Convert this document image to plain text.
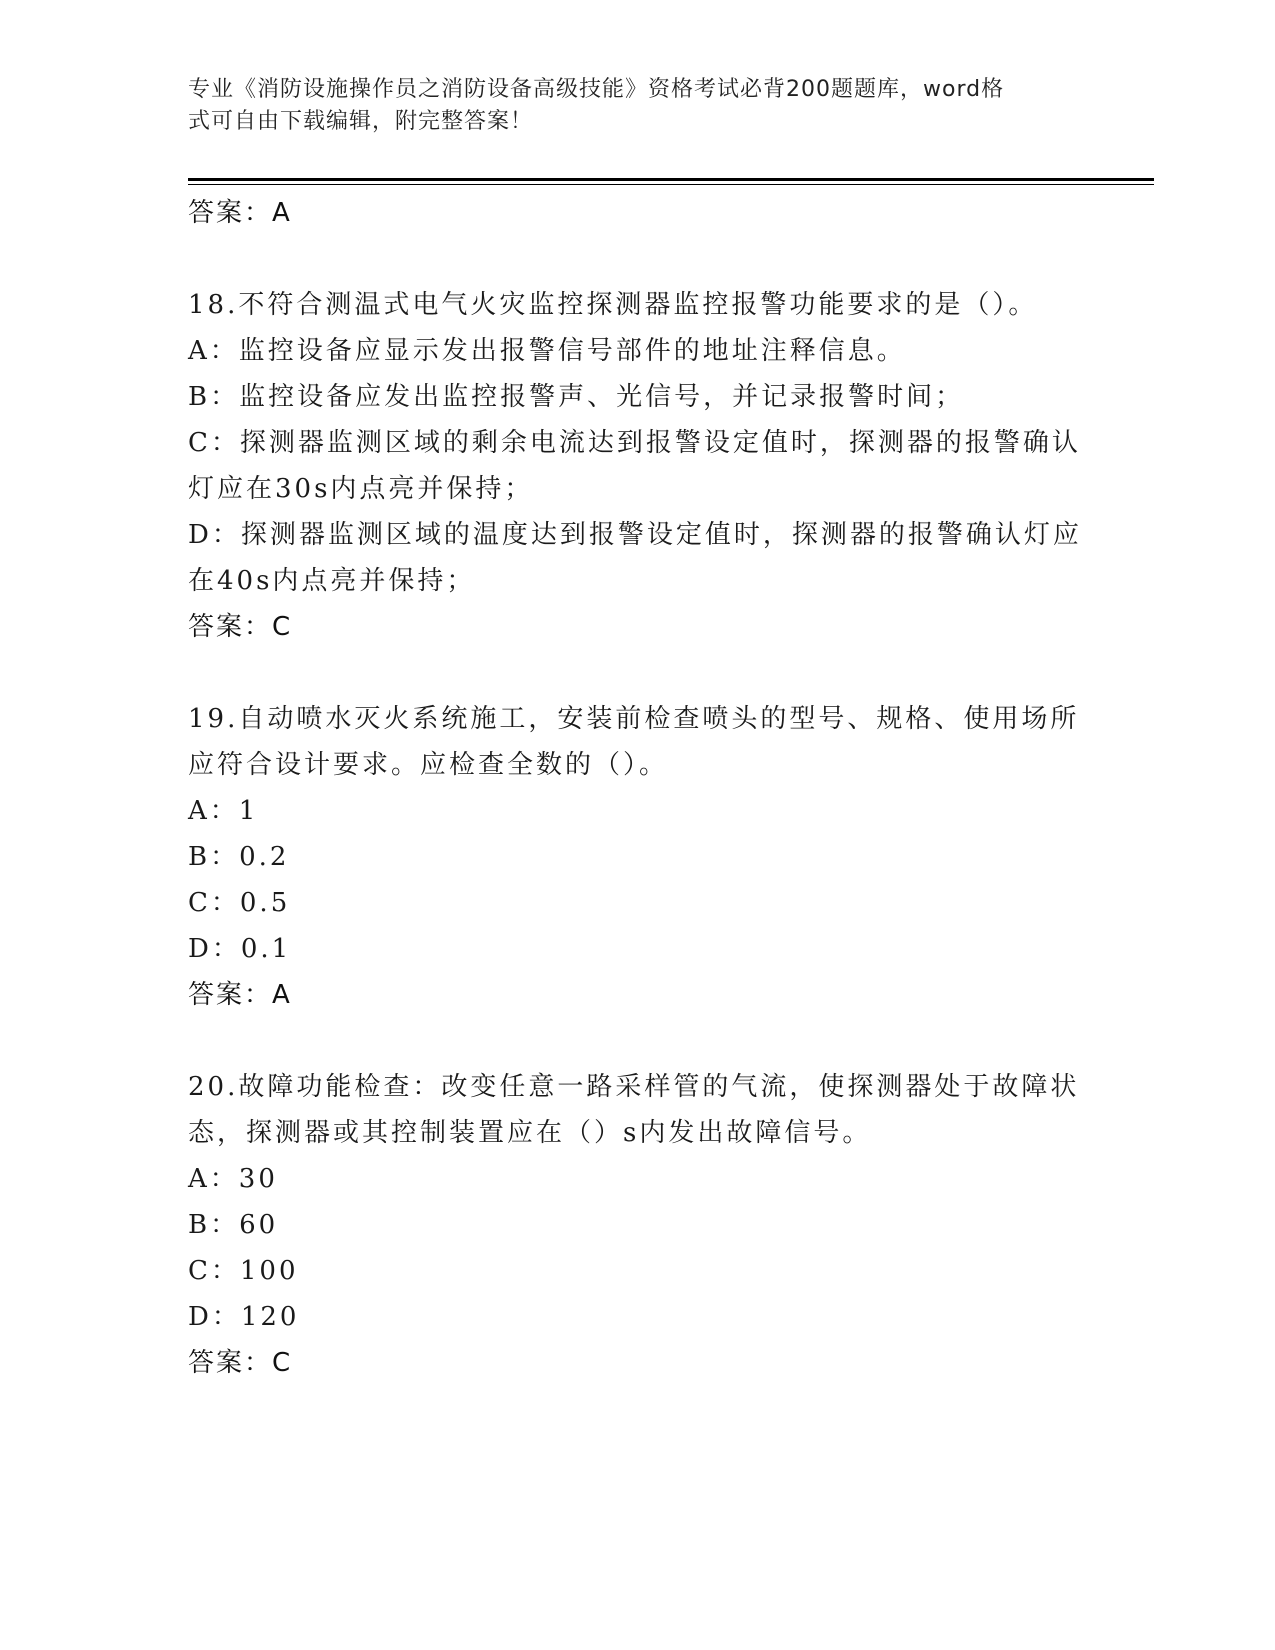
专业《消防设施操作员之消防设备高级技能》资格考试必背200题题库，word格
式可自由下载编辑，附完整答案！
答案：A
18.不符合测温式电气火灾监控探测器监控报警功能要求的是（）。
A：监控设备应显示发出报警信号部件的地址注释信息。
B：监控设备应发出监控报警声、光信号，并记录报警时间；
C：探测器监测区域的剩余电流达到报警设定值时，探测器的报警确认
灯应在30s内点亮并保持；
D：探测器监测区域的温度达到报警设定值时，探测器的报警确认灯应
在40s内点亮并保持；
答案：C
19.自动喷水灭火系统施工，安装前检查喷头的型号、规格、使用场所
应符合设计要求。应检查全数的（）。
A：1
B：0.2
C：0.5
D：0.1
答案：A
20.故障功能检查：改变任意一路采样管的气流，使探测器处于故障状
态，探测器或其控制装置应在（）s内发出故障信号。
A：30
B：60
C：100
D：120
答案：C
